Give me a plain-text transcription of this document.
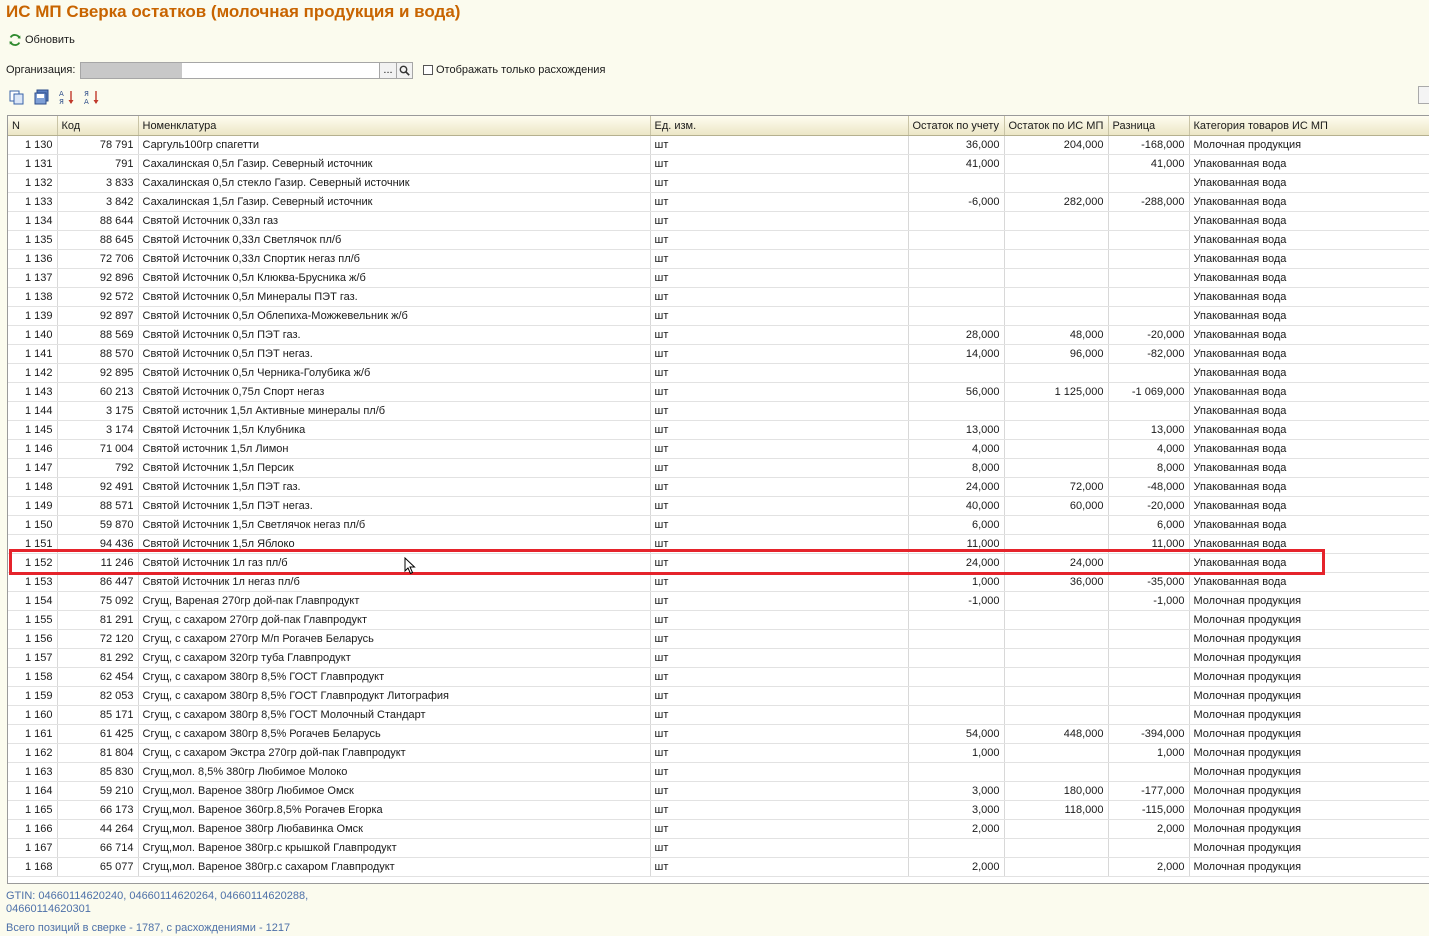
ИС МП Сверка остатков (молочная продукция и вода)
Обновить
Организация:	...	Отображать только расхождения
A
Я
Я
A
N	Код	Номенклатура	Ед. изм.	Остаток по учету	Остаток по ИС МП	Разница	Категория товаров ИС МП
1 130	78 791	Саргуль100гр спагетти	шт	36,000	204,000	-168,000	Молочная продукция
1 131	791	Сахалинская 0,5л Газир. Северный источник	шт	41,000		41,000	Упакованная вода
1 132	3 833	Сахалинская 0,5л стекло Газир. Северный источник	шт				Упакованная вода
1 133	3 842	Сахалинская 1,5л Газир. Северный источник	шт	-6,000	282,000	-288,000	Упакованная вода
1 134	88 644	Святой Источник 0,33л газ	шт				Упакованная вода
1 135	88 645	Святой Источник 0,33л Светлячок пл/б	шт				Упакованная вода
1 136	72 706	Святой Источник 0,33л Спортик негаз пл/б	шт				Упакованная вода
1 137	92 896	Святой Источник 0,5л Клюква-Брусника ж/б	шт				Упакованная вода
1 138	92 572	Святой Источник 0,5л Минералы ПЭТ газ.	шт				Упакованная вода
1 139	92 897	Святой Источник 0,5л Облепиха-Можжевельник ж/б	шт				Упакованная вода
1 140	88 569	Святой Источник 0,5л ПЭТ газ.	шт	28,000	48,000	-20,000	Упакованная вода
1 141	88 570	Святой Источник 0,5л ПЭТ негаз.	шт	14,000	96,000	-82,000	Упакованная вода
1 142	92 895	Святой Источник 0,5л Черника-Голубика ж/б	шт				Упакованная вода
1 143	60 213	Святой Источник 0,75л Спорт негаз	шт	56,000	1 125,000	-1 069,000	Упакованная вода
1 144	3 175	Святой источник 1,5л Активные минералы пл/б	шт				Упакованная вода
1 145	3 174	Святой Источник 1,5л Клубника	шт	13,000		13,000	Упакованная вода
1 146	71 004	Святой источник 1,5л Лимон	шт	4,000		4,000	Упакованная вода
1 147	792	Святой Источник 1,5л Персик	шт	8,000		8,000	Упакованная вода
1 148	92 491	Святой Источник 1,5л ПЭТ газ.	шт	24,000	72,000	-48,000	Упакованная вода
1 149	88 571	Святой Источник 1,5л ПЭТ негаз.	шт	40,000	60,000	-20,000	Упакованная вода
1 150	59 870	Святой Источник 1,5л Светлячок негаз пл/б	шт	6,000		6,000	Упакованная вода
1 151	94 436	Святой Источник 1,5л Яблоко	шт	11,000		11,000	Упакованная вода
1 152	11 246	Святой Источник 1л газ пл/б	шт	24,000	24,000		Упакованная вода
1 153	86 447	Святой Источник 1л негаз пл/б	шт	1,000	36,000	-35,000	Упакованная вода
1 154	75 092	Сгущ, Вареная 270гр дой-пак Главпродукт	шт	-1,000		-1,000	Молочная продукция
1 155	81 291	Сгущ, с сахаром 270гр дой-пак Главпродукт	шт				Молочная продукция
1 156	72 120	Сгущ, с сахаром 270гр М/п Рогачев Беларусь	шт				Молочная продукция
1 157	81 292	Сгущ, с сахаром 320гр туба Главпродукт	шт				Молочная продукция
1 158	62 454	Сгущ, с сахаром 380гр 8,5% ГОСТ Главпродукт	шт				Молочная продукция
1 159	82 053	Сгущ, с сахаром 380гр 8,5% ГОСТ Главпродукт Литография	шт				Молочная продукция
1 160	85 171	Сгущ, с сахаром 380гр 8,5% ГОСТ Молочный Стандарт	шт				Молочная продукция
1 161	61 425	Сгущ, с сахаром 380гр 8,5% Рогачев Беларусь	шт	54,000	448,000	-394,000	Молочная продукция
1 162	81 804	Сгущ, с сахаром Экстра 270гр дой-пак Главпродукт	шт	1,000		1,000	Молочная продукция
1 163	85 830	Сгущ,мол. 8,5% 380гр Любимое Молоко	шт				Молочная продукция
1 164	59 210	Сгущ,мол. Вареное 380гр Любимое Омск	шт	3,000	180,000	-177,000	Молочная продукция
1 165	66 173	Сгущ,мол. Вареное 360гр.8,5% Рогачев Егорка	шт	3,000	118,000	-115,000	Молочная продукция
1 166	44 264	Сгущ,мол. Вареное 380гр Любавинка Омск	шт	2,000		2,000	Молочная продукция
1 167	66 714	Сгущ,мол. Вареное 380гр.с крышкой Главпродукт	шт				Молочная продукция
1 168	65 077	Сгущ,мол. Вареное 380гр.с сахаром Главпродукт	шт	2,000		2,000	Молочная продукция
GTIN: 04660114620240, 04660114620264, 04660114620288, 04660114620301
Всего позиций в сверке - 1787, с расхождениями - 1217
